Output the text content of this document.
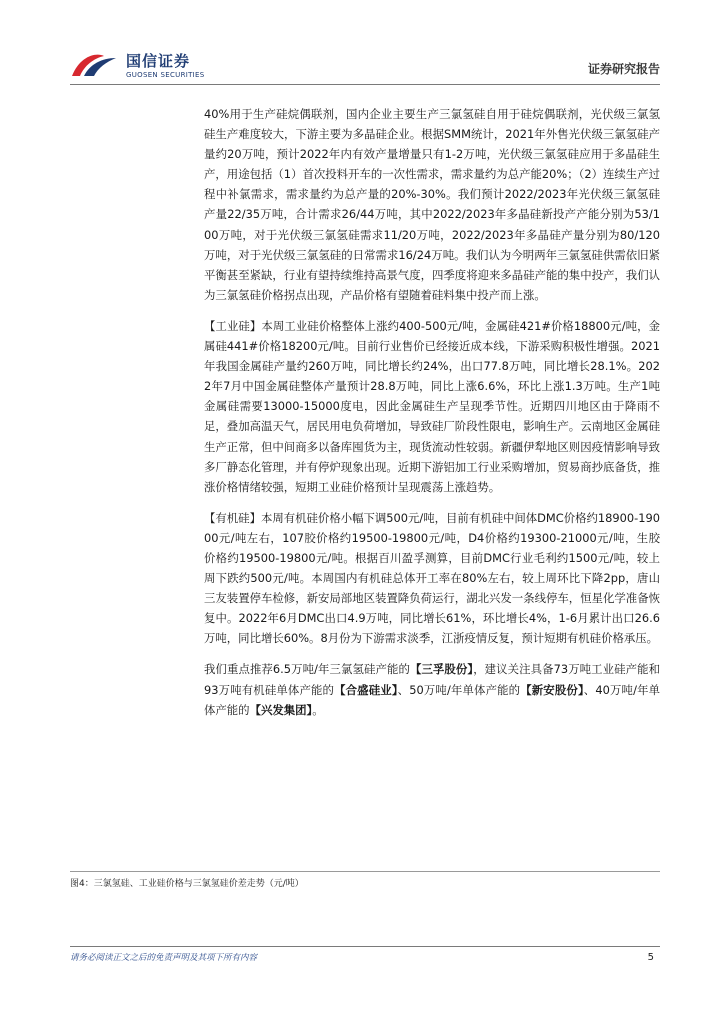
国信证券
GUOSEN SECURITIES	证券研究报告

40%用于生产硅烷偶联剂，国内企业主要生产三氯氢硅自用于硅烷偶联剂，光伏级三氯氢硅生产难度较大，下游主要为多晶硅企业。根据SMM统计，2021年外售光伏级三氯氢硅产量约20万吨，预计2022年内有效产量增量只有1-2万吨，光伏级三氯氢硅应用于多晶硅生产，用途包括（1）首次投料开车的一次性需求，需求量约为总产能20%；（2）连续生产过程中补氯需求，需求量约为总产量的20%-30%。我们预计2022/2023年光伏级三氯氢硅产量22/35万吨，合计需求26/44万吨，其中2022/2023年多晶硅新投产产能分别为53/100万吨，对于光伏级三氯氢硅需求11/20万吨，2022/2023年多晶硅产量分别为80/120万吨，对于光伏级三氯氢硅的日常需求16/24万吨。我们认为今明两年三氯氢硅供需依旧紧平衡甚至紧缺，行业有望持续维持高景气度，四季度将迎来多晶硅产能的集中投产，我们认为三氯氢硅价格拐点出现，产品价格有望随着硅料集中投产而上涨。

【工业硅】本周工业硅价格整体上涨约400-500元/吨，金属硅421#价格18800元/吨，金属硅441#价格18200元/吨。目前行业售价已经接近成本线，下游采购积极性增强。2021年我国金属硅产量约260万吨，同比增长约24%，出口77.8万吨，同比增长28.1%。2022年7月中国金属硅整体产量预计28.8万吨，同比上涨6.6%，环比上涨1.3万吨。生产1吨金属硅需要13000-15000度电，因此金属硅生产呈现季节性。近期四川地区由于降雨不足，叠加高温天气，居民用电负荷增加，导致硅厂阶段性限电，影响生产。云南地区金属硅生产正常，但中间商多以备库囤货为主，现货流动性较弱。新疆伊犁地区则因疫情影响导致多厂静态化管理，并有停炉现象出现。近期下游铝加工行业采购增加，贸易商抄底备货，推涨价格情绪较强，短期工业硅价格预计呈现震荡上涨趋势。

【有机硅】本周有机硅价格小幅下调500元/吨，目前有机硅中间体DMC价格约18900-19000元/吨左右，107胶价格约19500-19800元/吨，D4价格约19300-21000元/吨，生胶价格约19500-19800元/吨。根据百川盈孚测算，目前DMC行业毛利约1500元/吨，较上周下跌约500元/吨。本周国内有机硅总体开工率在80%左右，较上周环比下降2pp，唐山三友装置停车检修，新安局部地区装置降负荷运行，湖北兴发一条线停车，恒星化学准备恢复中。2022年6月DMC出口4.9万吨，同比增长61%，环比增长4%，1-6月累计出口26.6万吨，同比增长60%。8月份为下游需求淡季，江浙疫情反复，预计短期有机硅价格承压。

我们重点推荐6.5万吨/年三氯氢硅产能的【三孚股份】，建议关注具备73万吨工业硅产能和93万吨有机硅单体产能的【合盛硅业】、50万吨/年单体产能的【新安股份】、40万吨/年单体产能的【兴发集团】。

图4：三氯氢硅、工业硅价格与三氯氢硅价差走势（元/吨）
请务必阅读正文之后的免责声明及其项下所有内容	5
